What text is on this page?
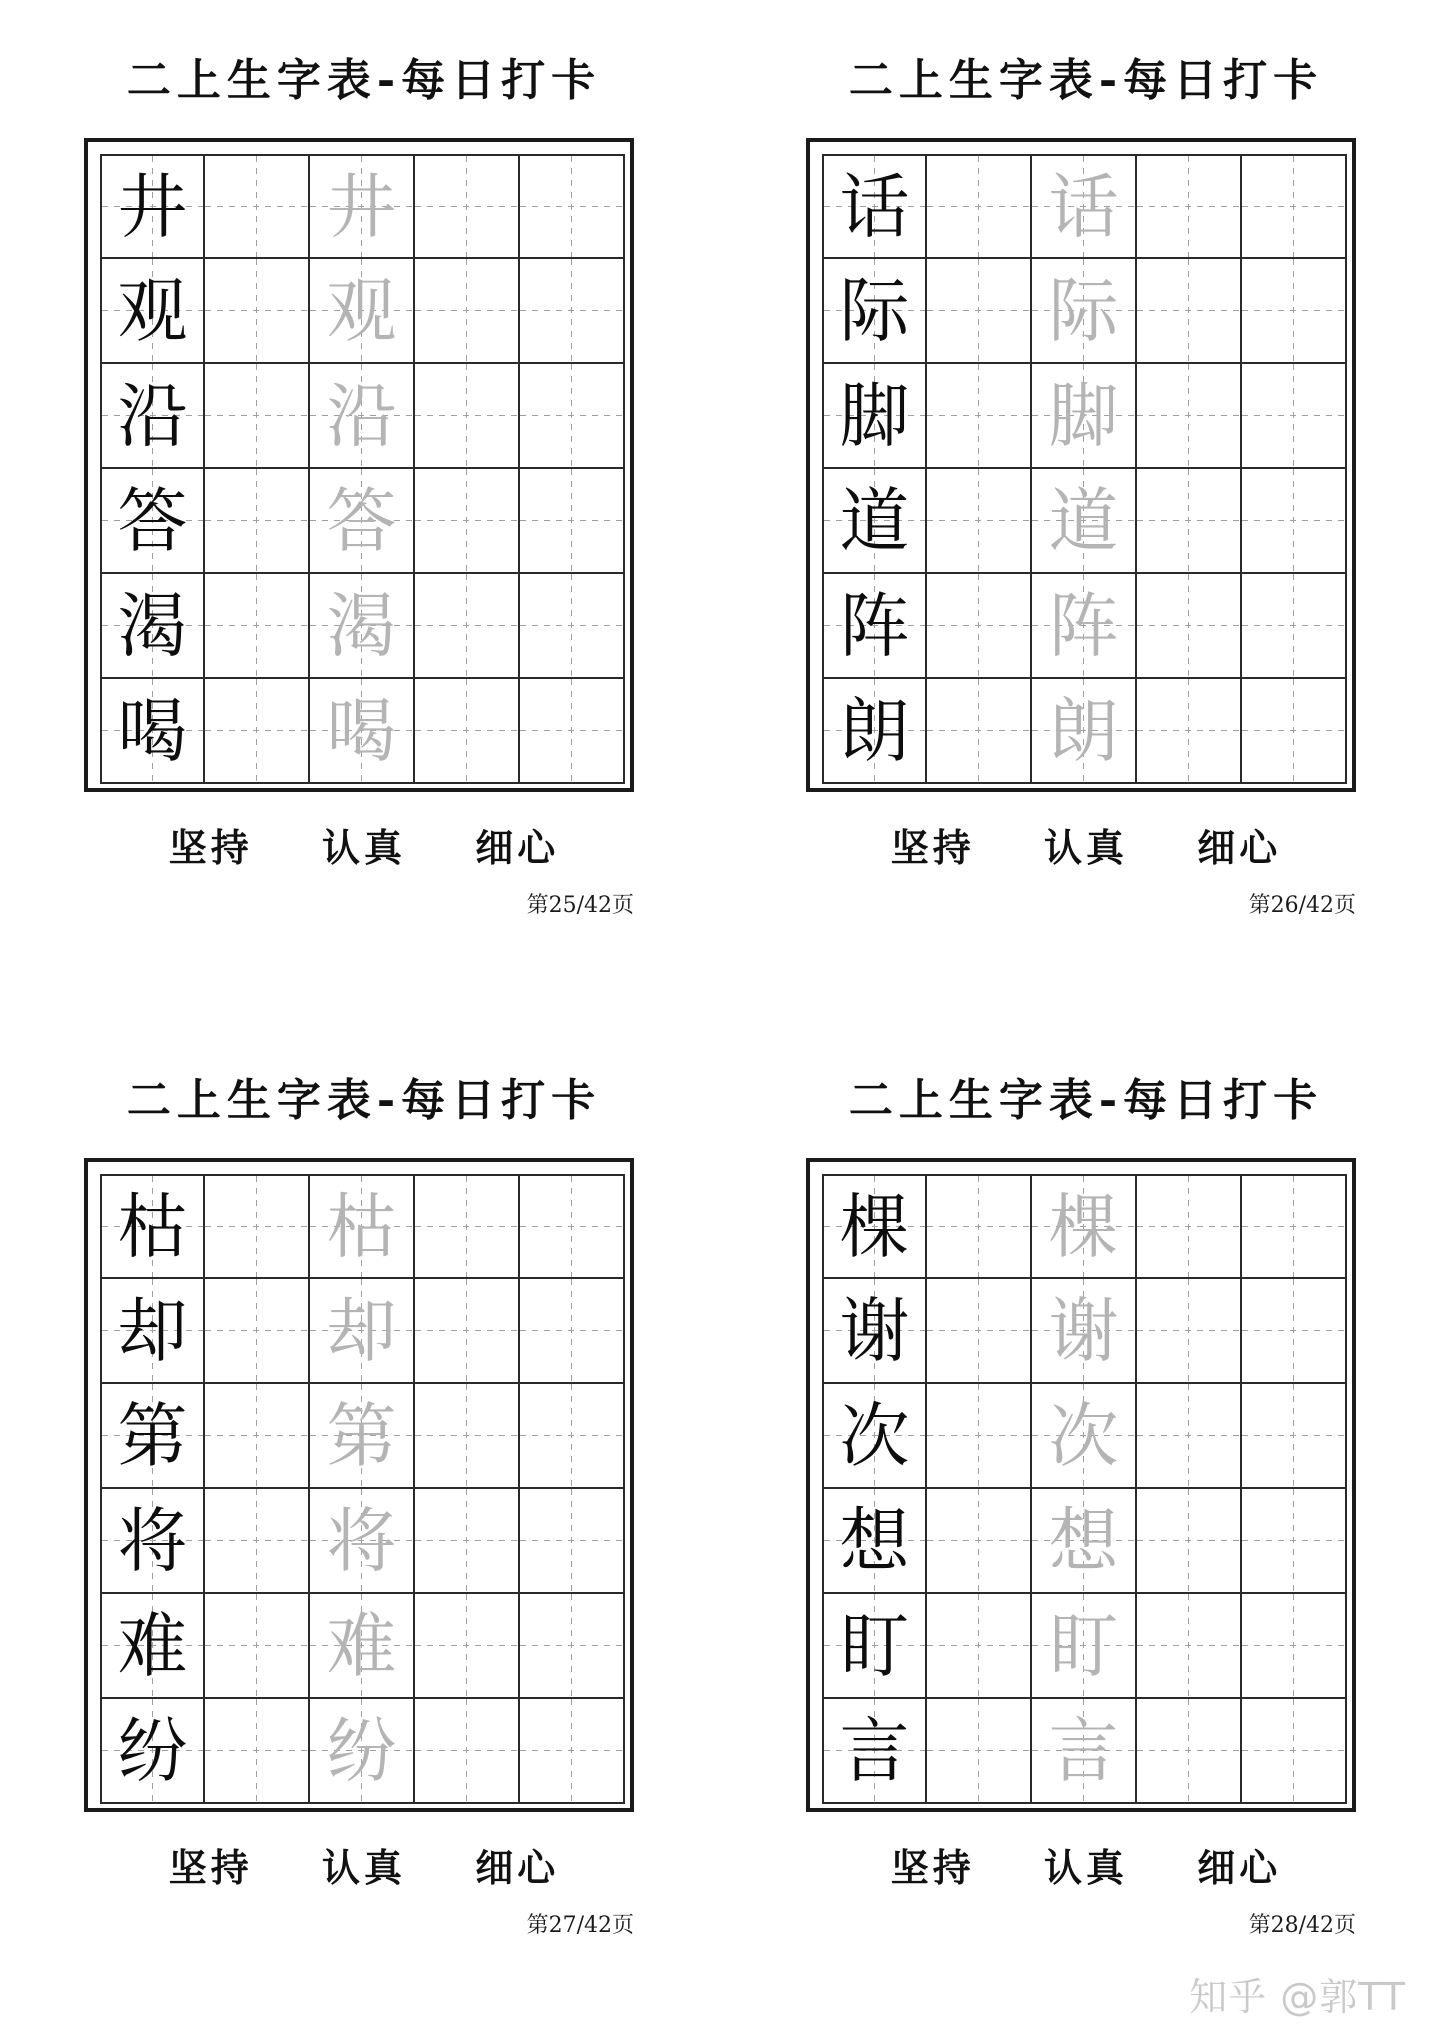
二上生字表-每日打卡
井 井
观 观
沿 沿
答 答
渴 渴
喝 喝
坚持 认真 细心
第25/42页
二上生字表-每日打卡
话 话
际 际
脚 脚
道 道
阵 阵
朗 朗
坚持 认真 细心
第26/42页
二上生字表-每日打卡
枯 枯
却 却
第 第
将 将
难 难
纷 纷
坚持 认真 细心
第27/42页
二上生字表-每日打卡
棵 棵
谢 谢
次 次
想 想
盯 盯
言 言
坚持 认真 细心
第28/42页
知乎 @郭TT
